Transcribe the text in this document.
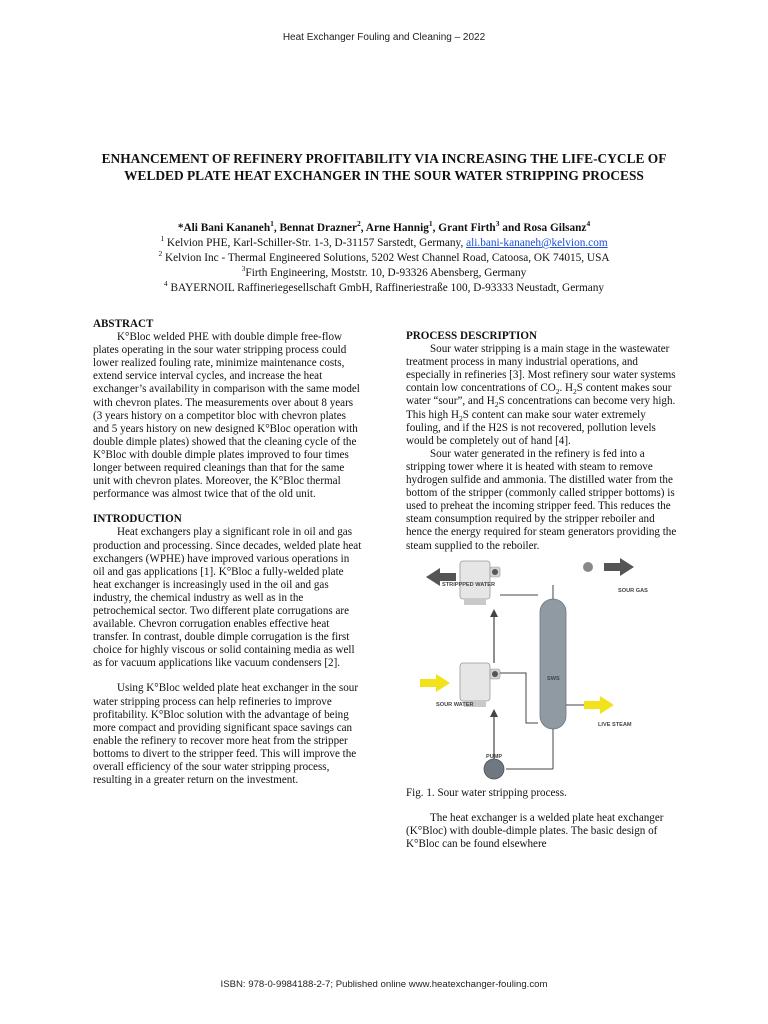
Heat Exchanger Fouling and Cleaning – 2022
ENHANCEMENT OF REFINERY PROFITABILITY VIA INCREASING THE LIFE-CYCLE OF WELDED PLATE HEAT EXCHANGER IN THE SOUR WATER STRIPPING PROCESS
*Ali Bani Kananeh$^1$, Bennat Drazner$^2$, Arne Hannig$^1$, Grant Firth$^3$ and Rosa Gilsanz$^4$
$^1$ Kelvion PHE, Karl-Schiller-Str. 1-3, D-31157 Sarstedt, Germany, ali.bani-kananeh@kelvion.com
$^2$ Kelvion Inc - Thermal Engineered Solutions, 5202 West Channel Road, Catoosa, OK 74015, USA
$^3$Firth Engineering, Moststr. 10, D-93326 Abensberg, Germany
$^4$ BAYERNOIL Raffineriegesellschaft GmbH, Raffineriestraße 100, D-93333 Neustadt, Germany
ABSTRACT

K°Bloc welded PHE with double dimple free-flow plates operating in the sour water stripping process could lower realized fouling rate, minimize maintenance costs, extend service interval cycles, and increase the heat exchanger’s availability in comparison with the same model with chevron plates. The measurements over about 8 years (3 years history on a competitor bloc with chevron plates and 5 years history on new designed K°Bloc operation with double dimple plates) showed that the cleaning cycle of the K°Bloc with double dimple plates improved to four times longer between required cleanings than that for the same unit with chevron plates. Moreover, the K°Bloc thermal performance was almost twice that of the old unit.

INTRODUCTION

Heat exchangers play a significant role in oil and gas production and processing. Since decades, welded plate heat exchangers (WPHE) have improved various operations in oil and gas applications [1]. K°Bloc a fully-welded plate heat exchanger is increasingly used in the oil and gas industry, the chemical industry as well as in the petrochemical sector. Two different plate corrugations are available. Chevron corrugation enables effective heat transfer. In contrast, double dimple corrugation is the first choice for highly viscous or solid containing media as well as for vacuum applications like vacuum condensers [2].

Using K°Bloc welded plate heat exchanger in the sour water stripping process can help refineries to improve profitability. K°Bloc solution with the advantage of being more compact and providing significant space savings can enable the refinery to recover more heat from the stripper bottoms to divert to the stripper feed. This will improve the overall efficiency of the sour water stripping process, resulting in a greater return on the investment.

PROCESS DESCRIPTION

Sour water stripping is a main stage in the wastewater treatment process in many industrial operations, and especially in refineries [3]. Most refinery sour water systems contain low concentrations of $CO_2$. $H_2S$ content makes sour water “sour”, and $H_2S$ concentrations can become very high. This high $H_2S$ content can make sour water extremely fouling, and if the H2S is not recovered, pollution levels would be completely out of hand [4].

Sour water generated in the refinery is fed into a stripping tower where it is heated with steam to remove hydrogen sulfide and ammonia. The distilled water from the bottom of the stripper (commonly called stripper bottoms) is used to preheat the incoming stripper feed. This reduces the steam consumption required by the stripper reboiler and hence the energy required for steam generators providing the steam supplied to the reboiler.

STRIPPPED WATER
SOUR GAS
SWS
SOUR WATER
LIVE STEAM
PUMP

Fig. 1. Sour water stripping process.

The heat exchanger is a welded plate heat exchanger (K°Bloc) with double-dimple plates. The basic design of K°Bloc can be found elsewhere

ISBN: 978-0-9984188-2-7; Published online www.heatexchanger-fouling.com
